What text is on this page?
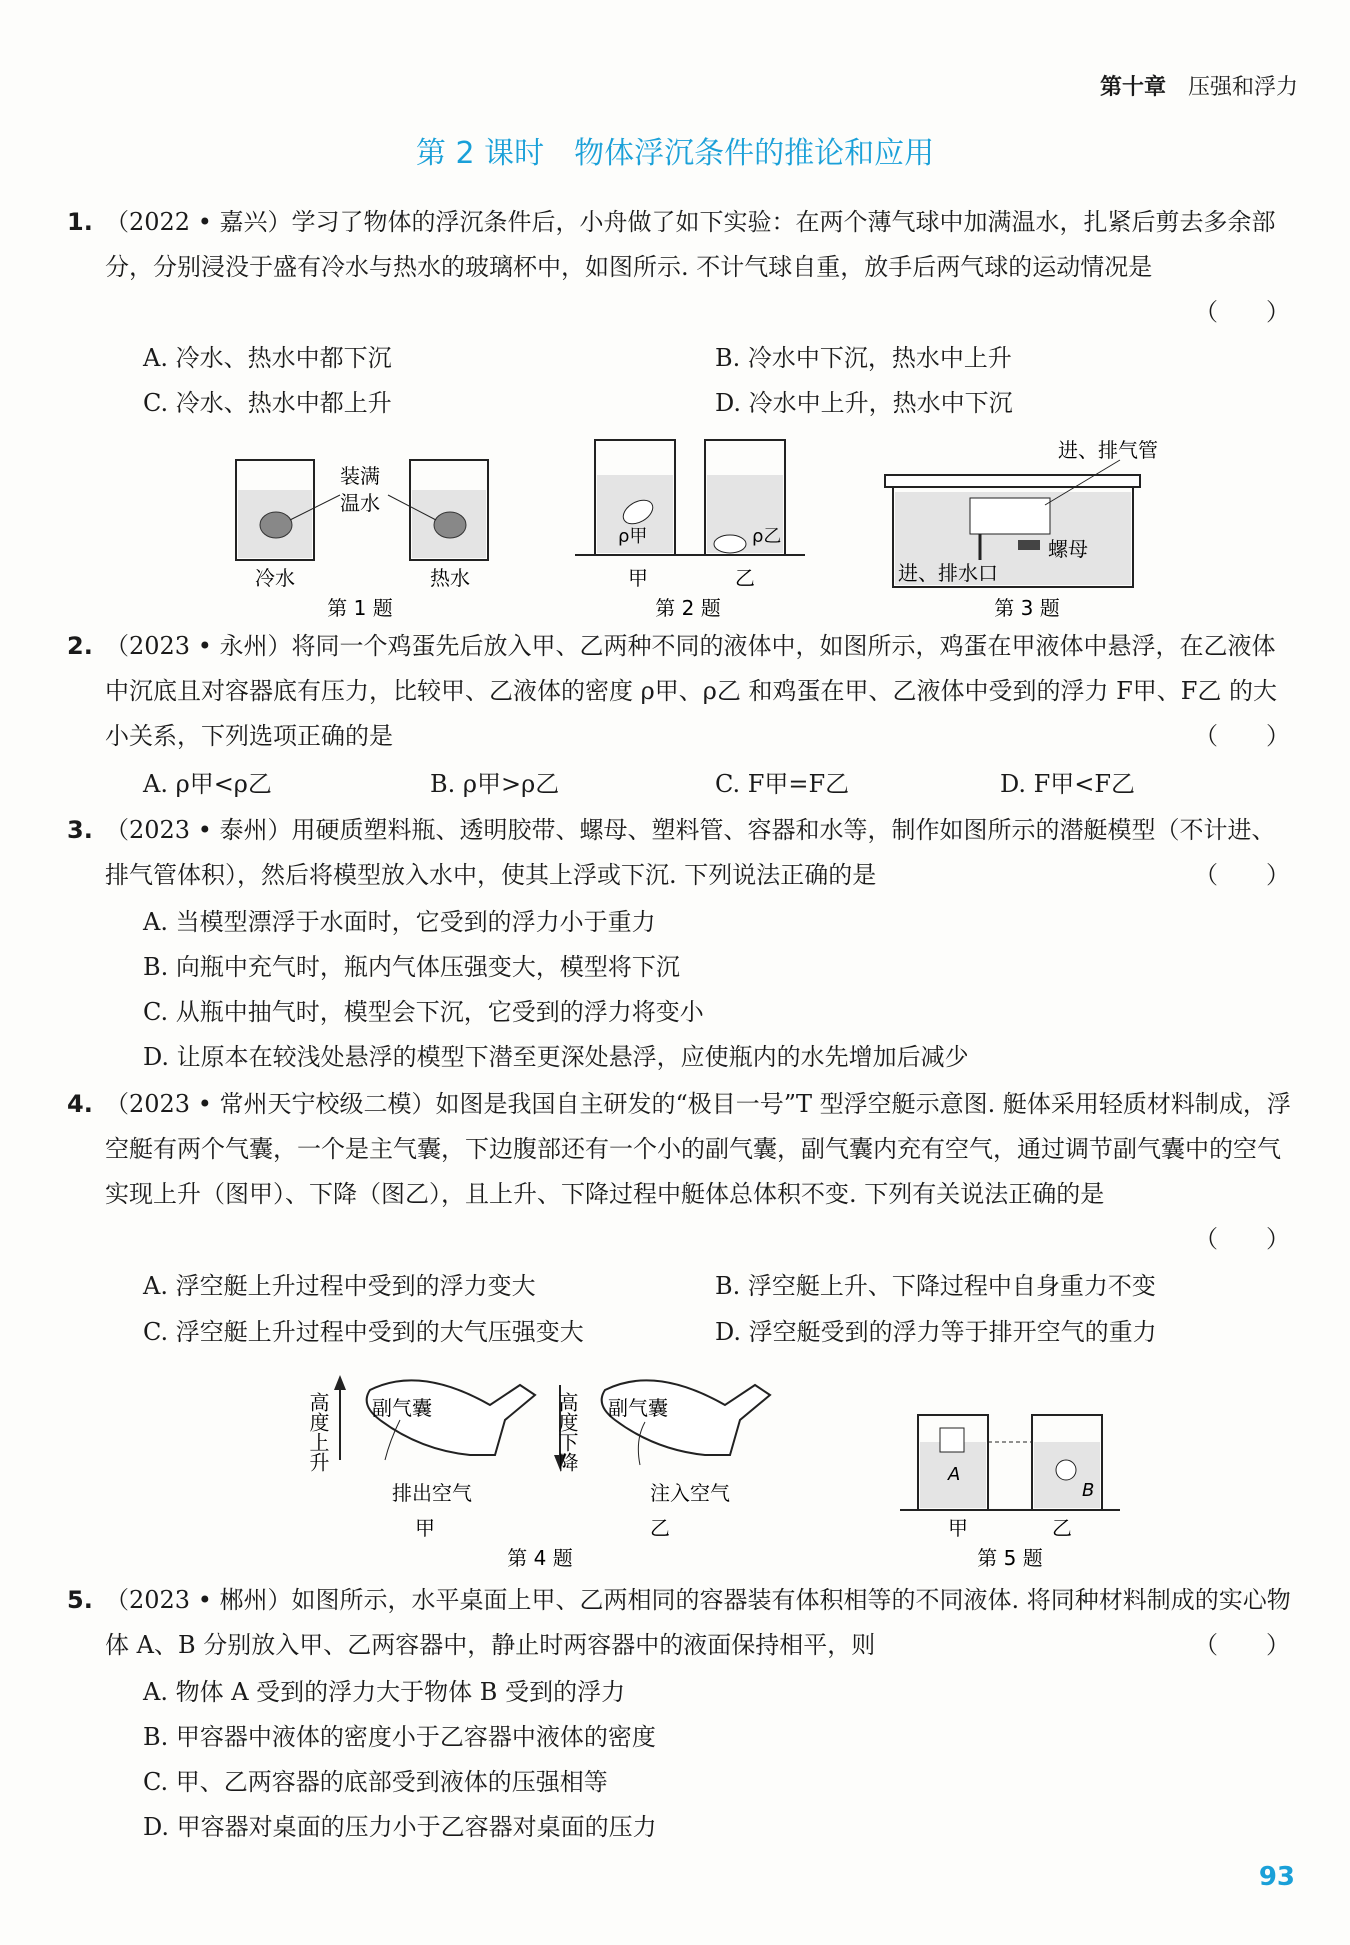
第十章 压强和浮力
第 2 课时　物体浮沉条件的推论和应用
1. （2022 • 嘉兴）学习了物体的浮沉条件后，小舟做了如下实验：在两个薄气球中加满温水，扎紧后剪去多余部分，分别浸没于盛有冷水与热水的玻璃杯中，如图所示. 不计气球自重，放手后两气球的运动情况是
（　　）
A. 冷水、热水中都下沉	B. 冷水中下沉，热水中上升
C. 冷水、热水中都上升	D. 冷水中上升，热水中下沉
装满
温水
冷水	热水
第 1 题
ρ甲	ρ乙
甲	乙
第 2 题
进、排气管
螺母
进、排水口
第 3 题
2. （2023 • 永州）将同一个鸡蛋先后放入甲、乙两种不同的液体中，如图所示，鸡蛋在甲液体中悬浮，在乙液体中沉底且对容器底有压力，比较甲、乙液体的密度 ρ甲、ρ乙 和鸡蛋在甲、乙液体中受到的浮力 F甲、F乙 的大小关系，下列选项正确的是	（　　）
A. ρ甲<ρ乙	B. ρ甲>ρ乙	C. F甲=F乙	D. F甲<F乙
3. （2023 • 泰州）用硬质塑料瓶、透明胶带、螺母、塑料管、容器和水等，制作如图所示的潜艇模型（不计进、排气管体积），然后将模型放入水中，使其上浮或下沉. 下列说法正确的是	（　　）
A. 当模型漂浮于水面时，它受到的浮力小于重力
B. 向瓶中充气时，瓶内气体压强变大，模型将下沉
C. 从瓶中抽气时，模型会下沉，它受到的浮力将变小
D. 让原本在较浅处悬浮的模型下潜至更深处悬浮，应使瓶内的水先增加后减少
4. （2023 • 常州天宁校级二模）如图是我国自主研发的“极目一号”T 型浮空艇示意图. 艇体采用轻质材料制成，浮空艇有两个气囊，一个是主气囊，下边腹部还有一个小的副气囊，副气囊内充有空气，通过调节副气囊中的空气实现上升（图甲）、下降（图乙），且上升、下降过程中艇体总体积不变. 下列有关说法正确的是
（　　）
A. 浮空艇上升过程中受到的浮力变大	B. 浮空艇上升、下降过程中自身重力不变
C. 浮空艇上升过程中受到的大气压强变大	D. 浮空艇受到的浮力等于排开空气的重力
高度上升 副气囊
排出空气
甲
高度下降 副气囊
注入空气
乙
第 4 题
A
B
甲	乙
第 5 题
5. （2023 • 郴州）如图所示，水平桌面上甲、乙两相同的容器装有体积相等的不同液体. 将同种材料制成的实心物体 A、B 分别放入甲、乙两容器中，静止时两容器中的液面保持相平，则	（　　）
A. 物体 A 受到的浮力大于物体 B 受到的浮力
B. 甲容器中液体的密度小于乙容器中液体的密度
C. 甲、乙两容器的底部受到液体的压强相等
D. 甲容器对桌面的压力小于乙容器对桌面的压力
93
